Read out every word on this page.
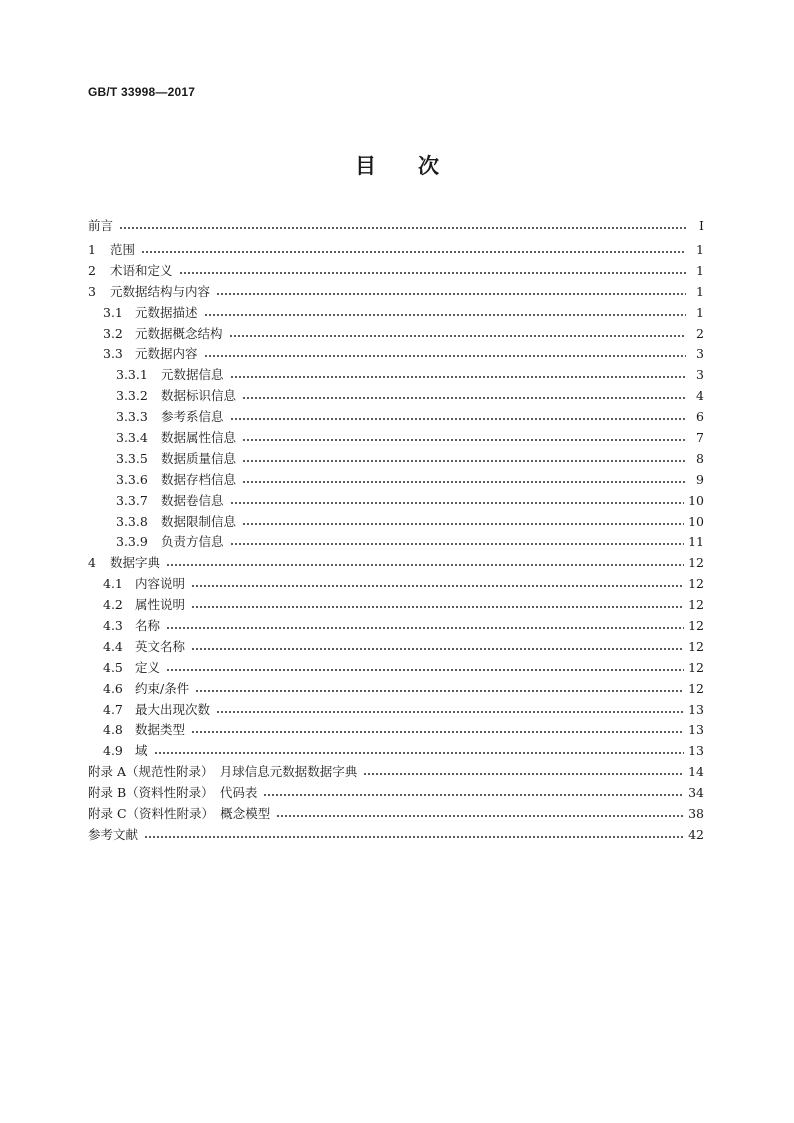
GB/T 33998—2017
目　　次
前言	Ⅰ
1	范围	1
2	术语和定义	1
3	元数据结构与内容	1
3.1 元数据描述	1
3.2 元数据概念结构	2
3.3 元数据内容	3
3.3.1	元数据信息	3
3.3.2	数据标识信息	4
3.3.3	参考系信息	6
3.3.4	数据属性信息	7
3.3.5	数据质量信息	8
3.3.6	数据存档信息	9
3.3.7	数据卷信息	10
3.3.8	数据限制信息	10
3.3.9	负责方信息	11
4	数据字典	12
4.1 内容说明	12
4.2 属性说明	12
4.3 名称	12
4.4 英文名称	12
4.5 定义	12
4.6 约束/条件	12
4.7 最大出现次数	13
4.8 数据类型	13
4.9 域	13
附录 A（规范性附录）　月球信息元数据数据字典	14
附录 B（资料性附录）　代码表	34
附录 C（资料性附录）　概念模型	38
参考文献	42
